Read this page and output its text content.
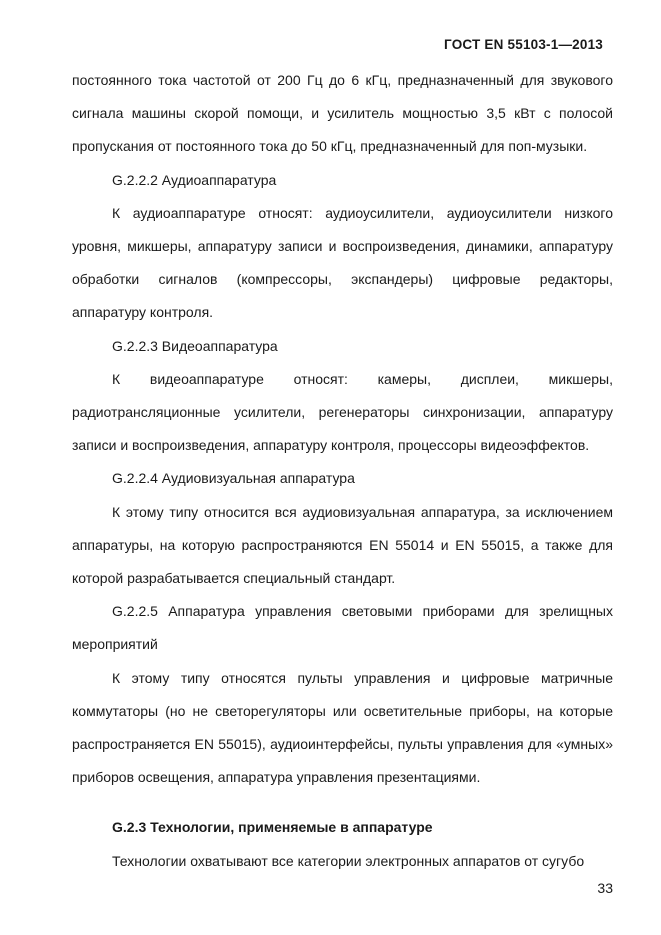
ГОСТ EN 55103-1—2013

постоянного тока частотой от 200 Гц до 6 кГц, предназначенный для звукового сигнала машины скорой помощи, и усилитель мощностью 3,5 кВт с полосой пропускания от постоянного тока до 50 кГц, предназначенный для поп-музыки.

G.2.2.2 Аудиоаппаратура

К аудиоаппаратуре относят: аудиоусилители, аудиоусилители низкого уровня, микшеры, аппаратуру записи и воспроизведения, динамики, аппаратуру обработки сигналов (компрессоры, экспандеры) цифровые редакторы, аппаратуру контроля.

G.2.2.3 Видеоаппаратура

К видеоаппаратуре относят: камеры, дисплеи, микшеры, радиотрансляционные усилители, регенераторы синхронизации, аппаратуру записи и воспроизведения, аппаратуру контроля, процессоры видеоэффектов.

G.2.2.4 Аудиовизуальная аппаратура

К этому типу относится вся аудиовизуальная аппаратура, за исключением аппаратуры, на которую распространяются EN 55014 и EN 55015, а также для которой разрабатывается специальный стандарт.

G.2.2.5 Аппаратура управления световыми приборами для зрелищных мероприятий

К этому типу относятся пульты управления и цифровые матричные коммутаторы (но не светорегуляторы или осветительные приборы, на которые распространяется EN 55015), аудиоинтерфейсы, пульты управления для «умных» приборов освещения, аппаратура управления презентациями.

G.2.3 Технологии, применяемые в аппаратуре

Технологии охватывают все категории электронных аппаратов от сугубо

33
